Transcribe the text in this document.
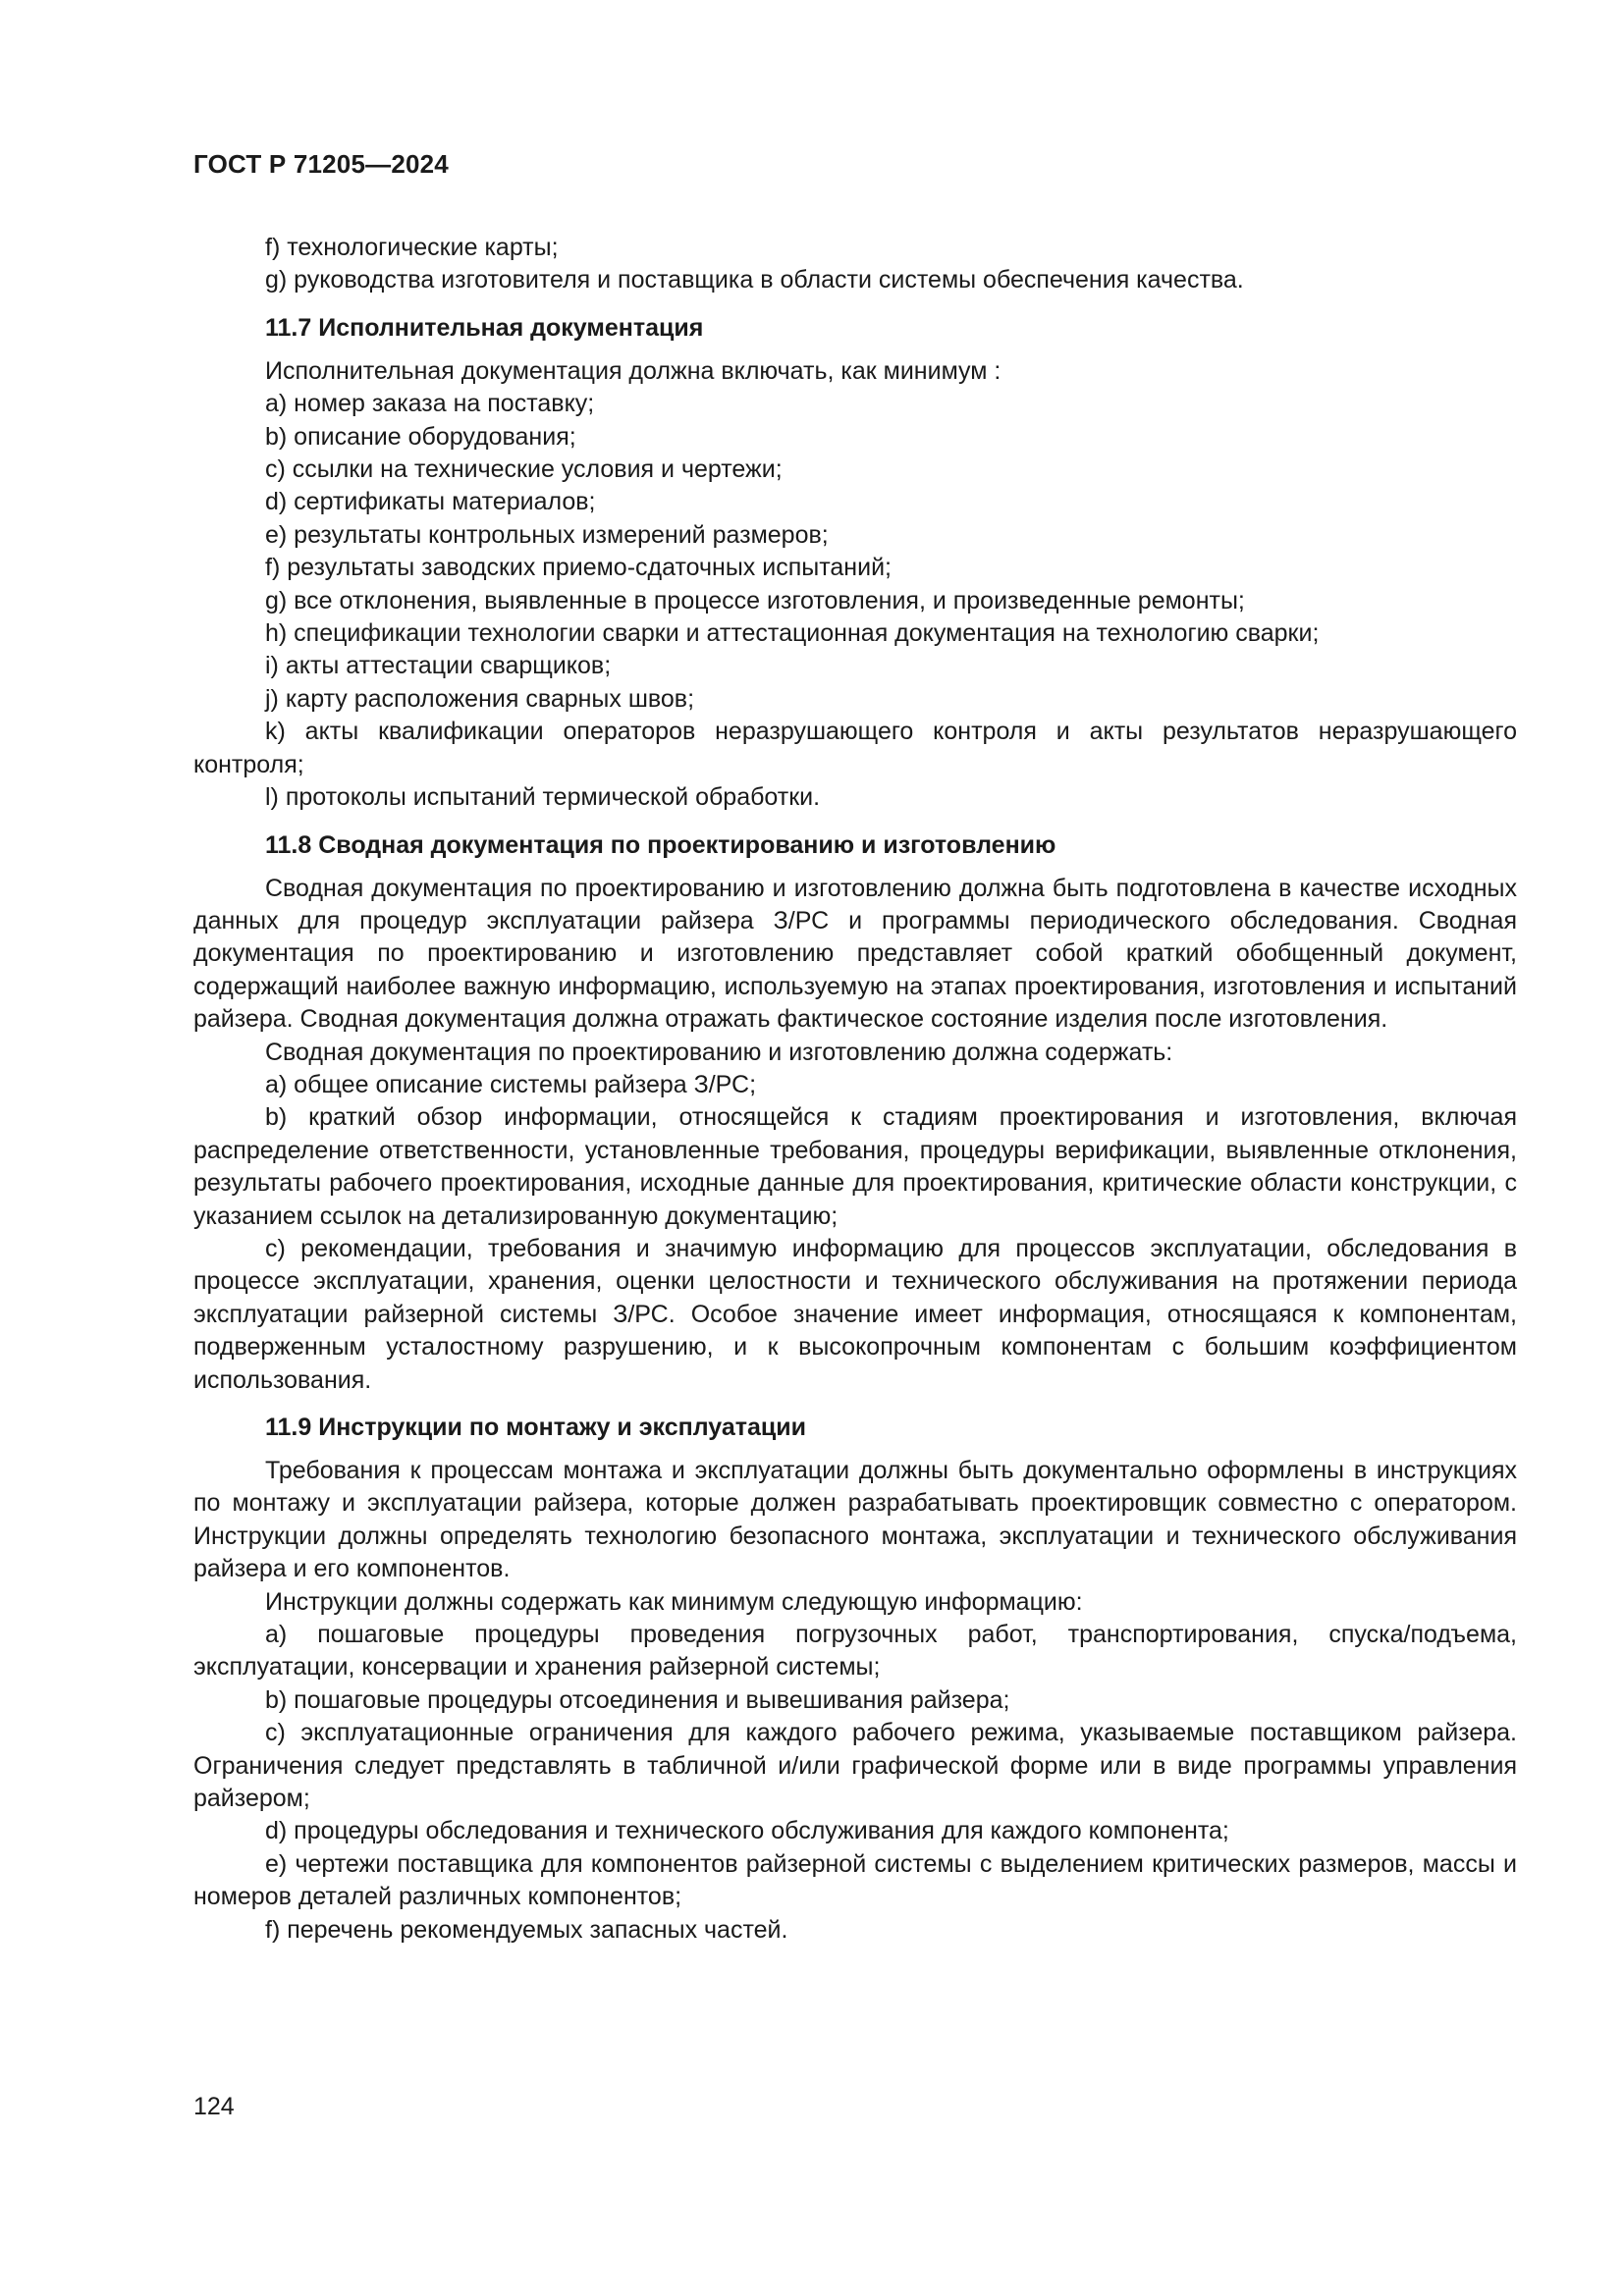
ГОСТ Р 71205—2024

f) технологические карты;

g) руководства изготовителя и поставщика в области системы обеспечения качества.

11.7 Исполнительная документация

Исполнительная документация должна включать, как минимум :

a) номер заказа на поставку;

b) описание оборудования;

c) ссылки на технические условия и чертежи;

d) сертификаты материалов;

e) результаты контрольных измерений размеров;

f) результаты заводских приемо-сдаточных испытаний;

g) все отклонения, выявленные в процессе изготовления, и произведенные ремонты;

h) спецификации технологии сварки и аттестационная документация на технологию сварки;

i) акты аттестации сварщиков;

j) карту расположения сварных швов;

k) акты квалификации операторов неразрушающего контроля и акты результатов неразрушающего контроля;

l) протоколы испытаний термической обработки.

11.8 Сводная документация по проектированию и изготовлению

Сводная документация по проектированию и изготовлению должна быть подготовлена в качестве исходных данных для процедур эксплуатации райзера З/РС и программы периодического обследования. Сводная документация по проектированию и изготовлению представляет собой краткий обобщенный документ, содержащий наиболее важную информацию, используемую на этапах проектирования, изготовления и испытаний райзера. Сводная документация должна отражать фактическое состояние изделия после изготовления.

Сводная документация по проектированию и изготовлению должна содержать:

a) общее описание системы райзера З/РС;

b) краткий обзор информации, относящейся к стадиям проектирования и изготовления, включая распределение ответственности, установленные требования, процедуры верификации, выявленные отклонения, результаты рабочего проектирования, исходные данные для проектирования, критические области конструкции, с указанием ссылок на детализированную документацию;

c) рекомендации, требования и значимую информацию для процессов эксплуатации, обследования в процессе эксплуатации, хранения, оценки целостности и технического обслуживания на протяжении периода эксплуатации райзерной системы З/РС. Особое значение имеет информация, относящаяся к компонентам, подверженным усталостному разрушению, и к высокопрочным компонентам с большим коэффициентом использования.

11.9 Инструкции по монтажу и эксплуатации

Требования к процессам монтажа и эксплуатации должны быть документально оформлены в инструкциях по монтажу и эксплуатации райзера, которые должен разрабатывать проектировщик совместно с оператором. Инструкции должны определять технологию безопасного монтажа, эксплуатации и технического обслуживания райзера и его компонентов.

Инструкции должны содержать как минимум следующую информацию:

a) пошаговые процедуры проведения погрузочных работ, транспортирования, спуска/подъема, эксплуатации, консервации и хранения райзерной системы;

b) пошаговые процедуры отсоединения и вывешивания райзера;

c) эксплуатационные ограничения для каждого рабочего режима, указываемые поставщиком райзера. Ограничения следует представлять в табличной и/или графической форме или в виде программы управления райзером;

d) процедуры обследования и технического обслуживания для каждого компонента;

e) чертежи поставщика для компонентов райзерной системы с выделением критических размеров, массы и номеров деталей различных компонентов;

f) перечень рекомендуемых запасных частей.

124
